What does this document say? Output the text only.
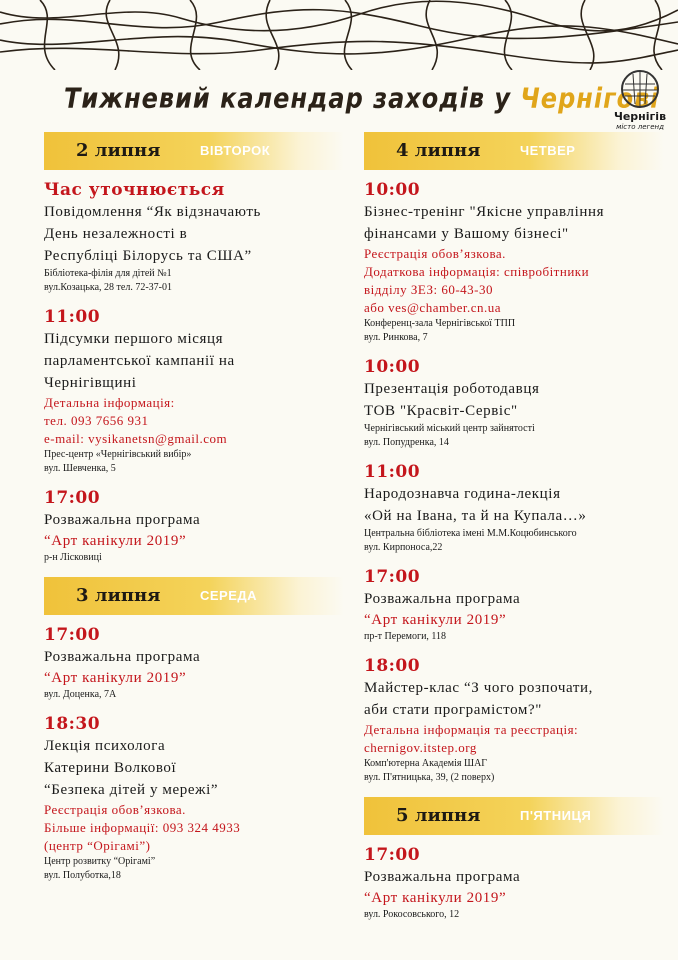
Тижневий календар заходів у Чернігові
Чернігів
місто легенд
2 липня	ВІВТОРОК
Час уточнюється
Повідомлення “Як відзначають
День незалежності в
Республіці Білорусь та США”
Бібліотека-філія для дітей №1
вул.Козацька, 28 тел. 72-37-01
11:00
Підсумки першого місяця
парламентської кампанії на
Чернігівщині
Детальна інформація:
тел. 093 7656 931
e-mail: vysikanetsn@gmail.com
Прес-центр «Чернігівський вибір»
вул. Шевченка, 5
17:00
Розважальна програма
“Арт канікули 2019”
р-н Лісковиці
3 липня	СЕРЕДА
17:00
Розважальна програма
“Арт канікули 2019”
вул. Доценка, 7А
18:30
Лекція психолога
Катерини Волкової
“Безпека дітей у мережі”
Реєстрація обов’язкова.
Більше інформації: 093 324 4933
(центр “Орігамі”)
Центр розвитку “Орігамі”
вул. Полуботка,18
4 липня	ЧЕТВЕР
10:00
Бізнес-тренінг "Якісне управління
фінансами у Вашому бізнесі"
Реєстрація обов’язкова.
Додаткова інформація: співробітники
відділу ЗЕЗ: 60-43-30
або ves@chamber.cn.ua
Конференц-зала Чернігівської ТПП
вул. Ринкова, 7
10:00
Презентація роботодавця
ТОВ "Красвіт-Сервіс"
Чернігівський міський центр зайнятості
вул. Попудренка, 14
11:00
Народознавча година-лекція
«Ой на Івана, та й на Купала…»
Центральна бібліотека імені М.М.Коцюбинського
вул. Кирпоноса,22
17:00
Розважальна програма
“Арт канікули 2019”
пр-т Перемоги, 118
18:00
Майстер-клас “З чого розпочати,
аби стати програмістом?"
Детальна інформація та реєстрація:
chernigov.itstep.org
Комп'ютерна Академія ШАГ
вул. П'ятницька, 39, (2 поверх)
5 липня	П'ЯТНИЦЯ
17:00
Розважальна програма
“Арт канікули 2019”
вул. Рокосовського, 12
